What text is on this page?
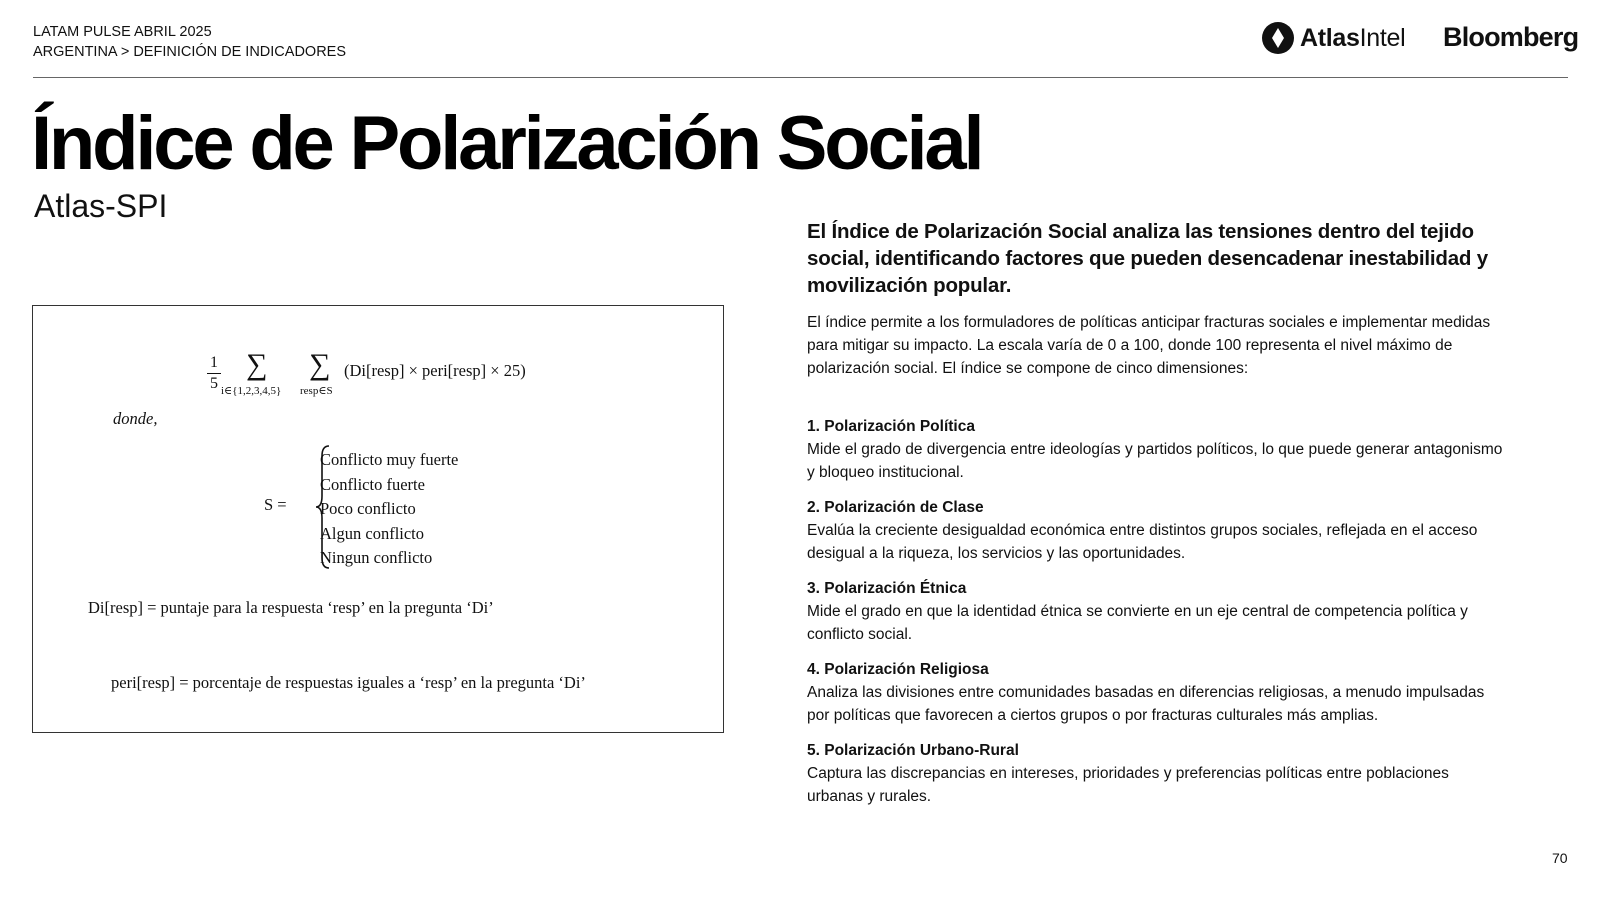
LATAM PULSE ABRIL 2025
ARGENTINA > DEFINICIÓN DE INDICADORES
AtlasIntel Bloomberg
Índice de Polarización Social
Atlas-SPI
1
5
∑
i∈{1,2,3,4,5}
∑
resp∈S
(Di[resp] × peri[resp] × 25)
donde,
S =
Conflicto muy fuerte
Conflicto fuerte
Poco conflicto
Algun conflicto
Ningun conflicto
Di[resp] = puntaje para la respuesta ‘resp’ en la pregunta ‘Di’
peri[resp] = porcentaje de respuestas iguales a ‘resp’ en la pregunta ‘Di’

El Índice de Polarización Social analiza las tensiones dentro del tejido social, identificando factores que pueden desencadenar inestabilidad y movilización popular.

El índice permite a los formuladores de políticas anticipar fracturas sociales e implementar medidas para mitigar su impacto. La escala varía de 0 a 100, donde 100 representa el nivel máximo de polarización social. El índice se compone de cinco dimensiones:

1. Polarización Política
Mide el grado de divergencia entre ideologías y partidos políticos, lo que puede generar antagonismo y bloqueo institucional.
2. Polarización de Clase
Evalúa la creciente desigualdad económica entre distintos grupos sociales, reflejada en el acceso desigual a la riqueza, los servicios y las oportunidades.
3. Polarización Étnica
Mide el grado en que la identidad étnica se convierte en un eje central de competencia política y conflicto social.
4. Polarización Religiosa
Analiza las divisiones entre comunidades basadas en diferencias religiosas, a menudo impulsadas por políticas que favorecen a ciertos grupos o por fracturas culturales más amplias.
5. Polarización Urbano-Rural
Captura las discrepancias en intereses, prioridades y preferencias políticas entre poblaciones urbanas y rurales.
70
